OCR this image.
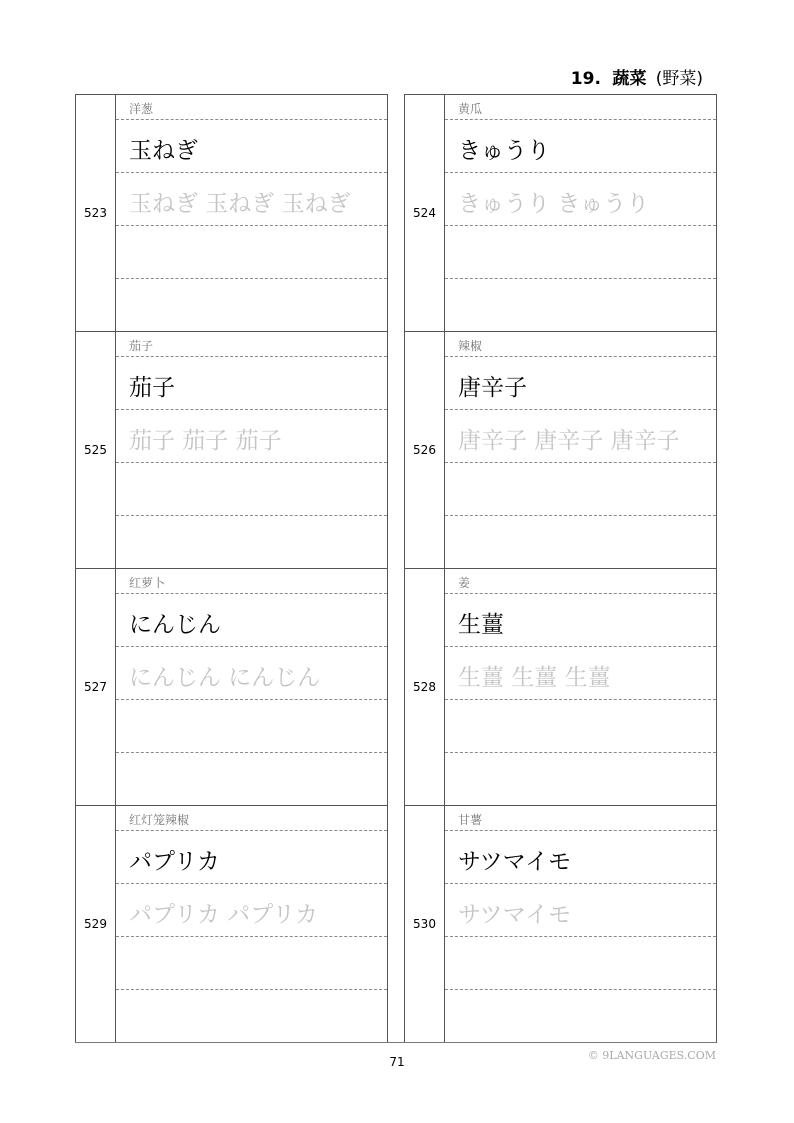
19. 蔬菜 (野菜)
523
洋葱
玉ねぎ
玉ねぎ 玉ねぎ 玉ねぎ
525
茄子
茄子
茄子 茄子 茄子
527
红萝卜
にんじん
にんじん にんじん
529
红灯笼辣椒
パプリカ
パプリカ パプリカ
524
黄瓜
きゅうり
きゅうり きゅうり
526
辣椒
唐辛子
唐辛子 唐辛子 唐辛子
528
姜
生薑
生薑 生薑 生薑
530
甘薯
サツマイモ
サツマイモ
71	© 9LANGUAGES.COM
